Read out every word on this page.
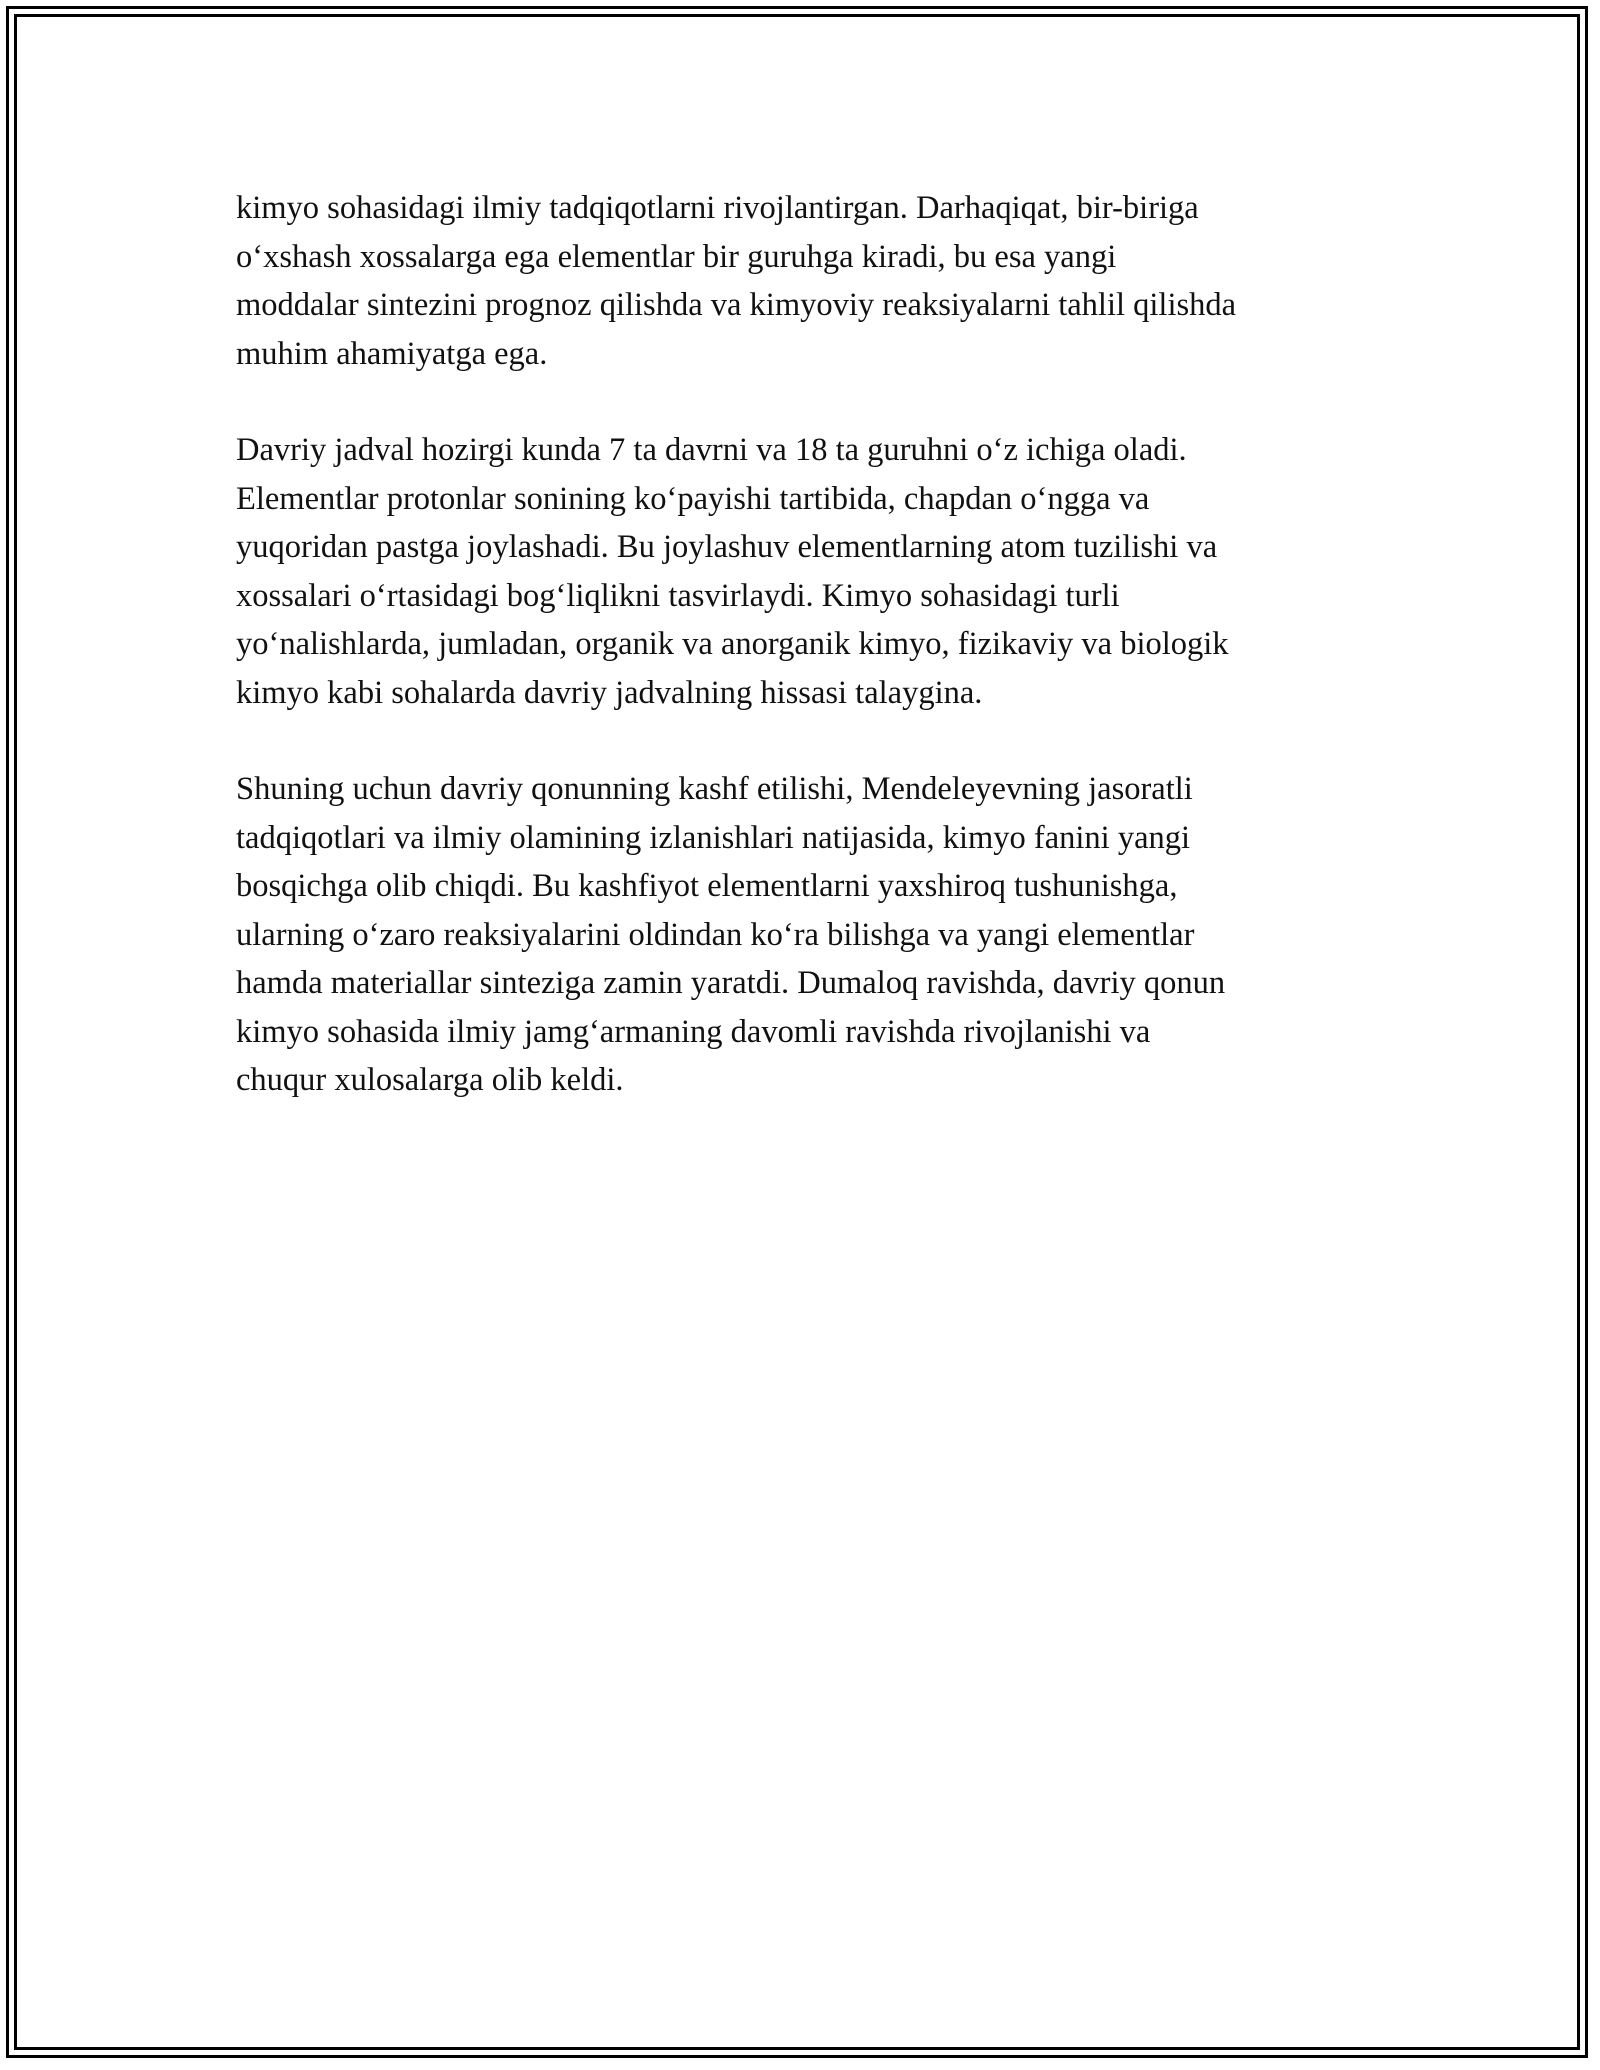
kimyo sohasidagi ilmiy tadqiqotlarni rivojlantirgan. Darhaqiqat, bir-biriga
o‘xshash xossalarga ega elementlar bir guruhga kiradi, bu esa yangi
moddalar sintezini prognoz qilishda va kimyoviy reaksiyalarni tahlil qilishda
muhim ahamiyatga ega.

Davriy jadval hozirgi kunda 7 ta davrni va 18 ta guruhni o‘z ichiga oladi.
Elementlar protonlar sonining ko‘payishi tartibida, chapdan o‘ngga va
yuqoridan pastga joylashadi. Bu joylashuv elementlarning atom tuzilishi va
xossalari o‘rtasidagi bog‘liqlikni tasvirlaydi. Kimyo sohasidagi turli
yo‘nalishlarda, jumladan, organik va anorganik kimyo, fizikaviy va biologik
kimyo kabi sohalarda davriy jadvalning hissasi talaygina.

Shuning uchun davriy qonunning kashf etilishi, Mendeleyevning jasoratli
tadqiqotlari va ilmiy olamining izlanishlari natijasida, kimyo fanini yangi
bosqichga olib chiqdi. Bu kashfiyot elementlarni yaxshiroq tushunishga,
ularning o‘zaro reaksiyalarini oldindan ko‘ra bilishga va yangi elementlar
hamda materiallar sinteziga zamin yaratdi. Dumaloq ravishda, davriy qonun
kimyo sohasida ilmiy jamg‘armaning davomli ravishda rivojlanishi va
chuqur xulosalarga olib keldi.
